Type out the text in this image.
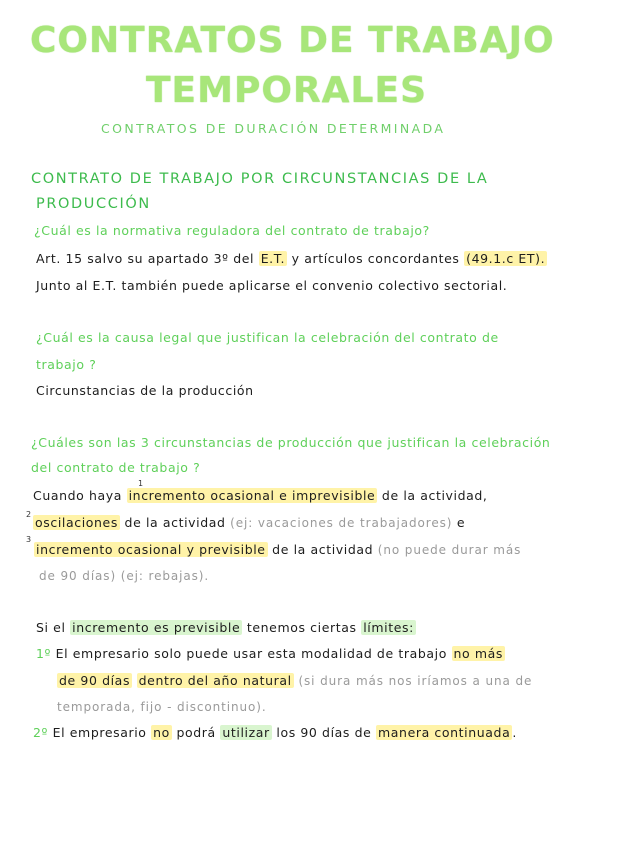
CONTRATOS DE TRABAJO
TEMPORALES
CONTRATOS DE DURACIÓN DETERMINADA
CONTRATO DE TRABAJO POR CIRCUNSTANCIAS DE LA
PRODUCCIÓN
¿Cuál es la normativa reguladora del contrato de trabajo?
Art. 15 salvo su apartado 3º del E.T. y artículos concordantes (49.1.c ET).
Junto al E.T. también puede aplicarse el convenio colectivo sectorial.
¿Cuál es la causa legal que justifican la celebración del contrato de
trabajo ?
Circunstancias de la producción
¿Cuáles son las 3 circunstancias de producción que justifican la celebración
del contrato de trabajo ?
1
Cuando haya incremento ocasional e imprevisible de la actividad,
2
oscilaciones de la actividad (ej: vacaciones de trabajadores) e
3
incremento ocasional y previsible de la actividad (no puede durar más
de 90 días) (ej: rebajas).
Si el incremento es previsible tenemos ciertas límites:
1º El empresario solo puede usar esta modalidad de trabajo no más
de 90 días dentro del año natural (si dura más nos iríamos a una de
temporada, fijo - discontinuo).
2º El empresario no podrá utilizar los 90 días de manera continuada .
